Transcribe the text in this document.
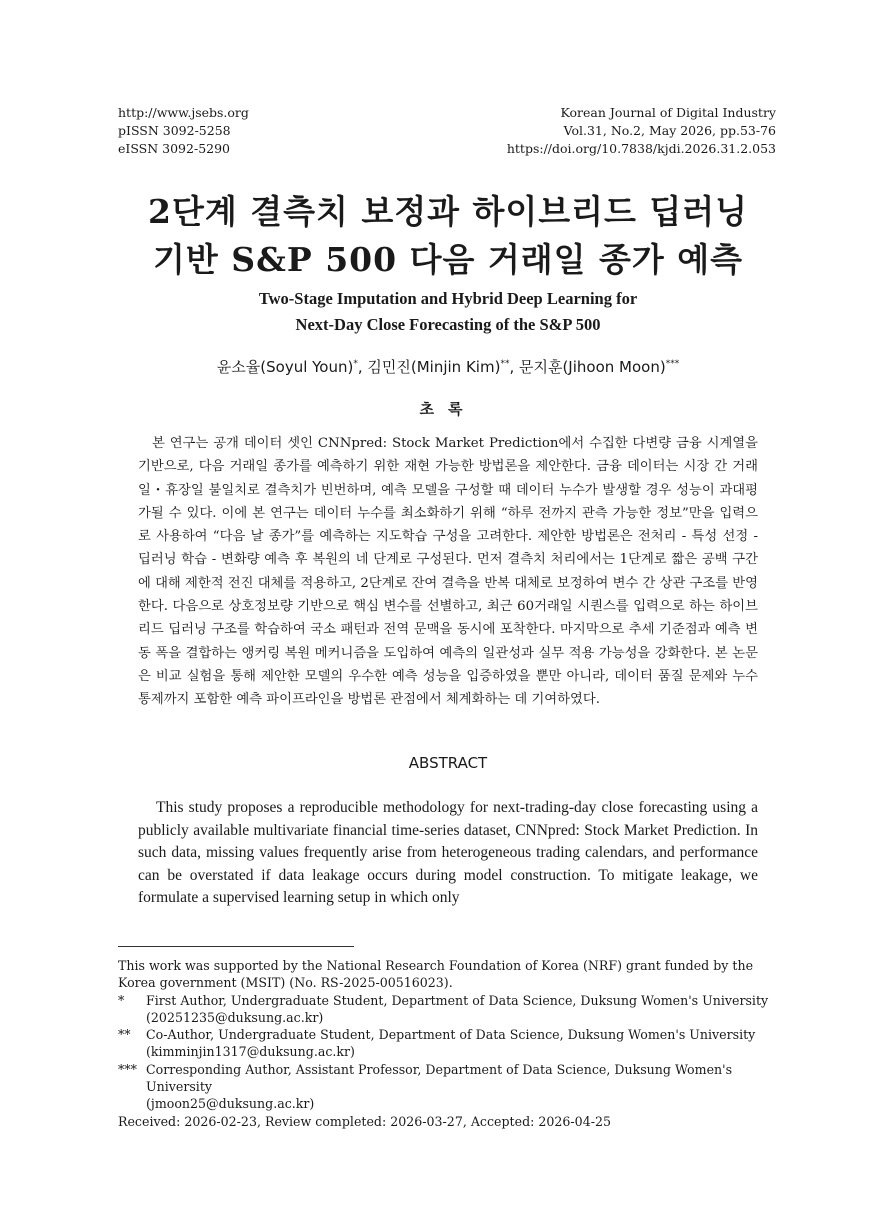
http://www.jsebs.org
pISSN 3092-5258
eISSN 3092-5290
Korean Journal of Digital Industry
Vol.31, No.2, May 2026, pp.53-76
https://doi.org/10.7838/kjdi.2026.31.2.053
2단계 결측치 보정과 하이브리드 딥러닝
기반 S&P 500 다음 거래일 종가 예측
Two-Stage Imputation and Hybrid Deep Learning for
Next-Day Close Forecasting of the S&P 500
윤소율(Soyul Youn)*, 김민진(Minjin Kim)**, 문지훈(Jihoon Moon)***
초록
본 연구는 공개 데이터 셋인 CNNpred: Stock Market Prediction에서 수집한 다변량 금융 시계열을 기반으로, 다음 거래일 종가를 예측하기 위한 재현 가능한 방법론을 제안한다. 금융 데이터는 시장 간 거래일・휴장일 불일치로 결측치가 빈번하며, 예측 모델을 구성할 때 데이터 누수가 발생할 경우 성능이 과대평가될 수 있다. 이에 본 연구는 데이터 누수를 최소화하기 위해 “하루 전까지 관측 가능한 정보”만을 입력으로 사용하여 “다음 날 종가”를 예측하는 지도학습 구성을 고려한다. 제안한 방법론은 전처리 - 특성 선정 - 딥러닝 학습 - 변화량 예측 후 복원의 네 단계로 구성된다. 먼저 결측치 처리에서는 1단계로 짧은 공백 구간에 대해 제한적 전진 대체를 적용하고, 2단계로 잔여 결측을 반복 대체로 보정하여 변수 간 상관 구조를 반영한다. 다음으로 상호정보량 기반으로 핵심 변수를 선별하고, 최근 60거래일 시퀀스를 입력으로 하는 하이브리드 딥러닝 구조를 학습하여 국소 패턴과 전역 문맥을 동시에 포착한다. 마지막으로 추세 기준점과 예측 변동 폭을 결합하는 앵커링 복원 메커니즘을 도입하여 예측의 일관성과 실무 적용 가능성을 강화한다. 본 논문은 비교 실험을 통해 제안한 모델의 우수한 예측 성능을 입증하였을 뿐만 아니라, 데이터 품질 문제와 누수 통제까지 포함한 예측 파이프라인을 방법론 관점에서 체계화하는 데 기여하였다.
ABSTRACT
This study proposes a reproducible methodology for next-trading-day close forecasting using a publicly available multivariate financial time-series dataset, CNNpred: Stock Market Prediction. In such data, missing values frequently arise from heterogeneous trading calendars, and performance can be overstated if data leakage occurs during model construction. To mitigate leakage, we formulate a supervised learning setup in which only

This work was supported by the National Research Foundation of Korea (NRF) grant funded by the Korea government (MSIT) (No. RS-2025-00516023).

*	First Author, Undergraduate Student, Department of Data Science, Duksung Women's University
(20251235@duksung.ac.kr)
**	Co-Author, Undergraduate Student, Department of Data Science, Duksung Women's University
(kimminjin1317@duksung.ac.kr)
*** Corresponding Author, Assistant Professor, Department of Data Science, Duksung Women's University
(jmoon25@duksung.ac.kr)

Received: 2026-02-23, Review completed: 2026-03-27, Accepted: 2026-04-25
